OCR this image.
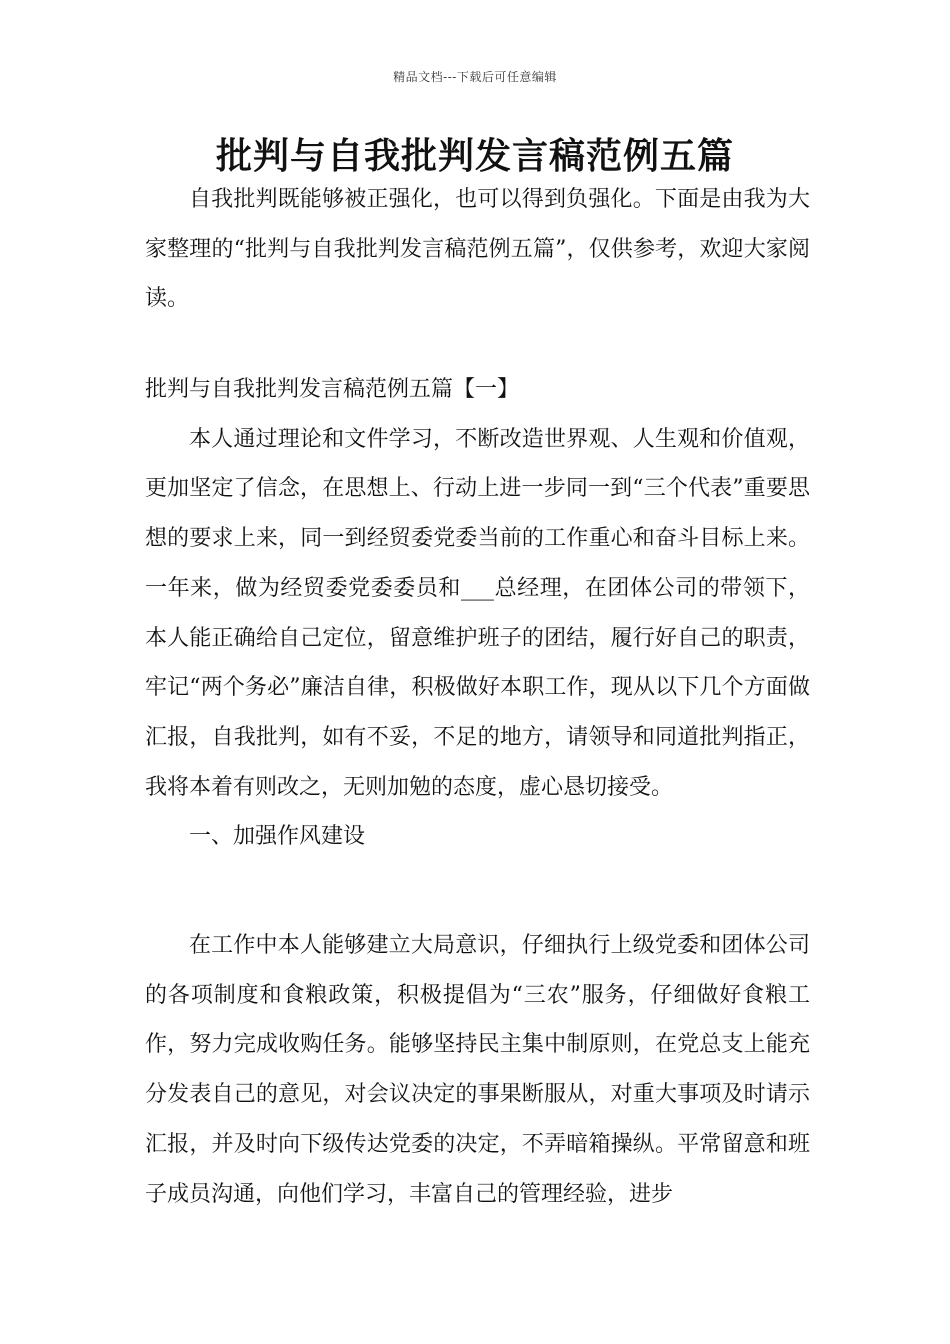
精品文档---下载后可任意编辑
批判与自我批判发言稿范例五篇

自我批判既能够被正强化，也可以得到负强化。下面是由我为大家整理的“批判与自我批判发言稿范例五篇”，仅供参考，欢迎大家阅读。

批判与自我批判发言稿范例五篇【一】

本人通过理论和文件学习，不断改造世界观、人生观和价值观，更加坚定了信念，在思想上、行动上进一步同一到“三个代表”重要思想的要求上来，同一到经贸委党委当前的工作重心和奋斗目标上来。一年来，做为经贸委党委委员和___总经理，在团体公司的带领下，本人能正确给自己定位，留意维护班子的团结，履行好自己的职责，牢记“两个务必”廉洁自律，积极做好本职工作，现从以下几个方面做汇报，自我批判，如有不妥，不足的地方，请领导和同道批判指正，我将本着有则改之，无则加勉的态度，虚心恳切接受。

一、加强作风建设

在工作中本人能够建立大局意识，仔细执行上级党委和团体公司的各项制度和食粮政策，积极提倡为“三农”服务，仔细做好食粮工作，努力完成收购任务。能够坚持民主集中制原则，在党总支上能充分发表自己的意见，对会议决定的事果断服从，对重大事项及时请示汇报，并及时向下级传达党委的决定，不弄暗箱操纵。平常留意和班子成员沟通，向他们学习，丰富自己的管理经验，进步
